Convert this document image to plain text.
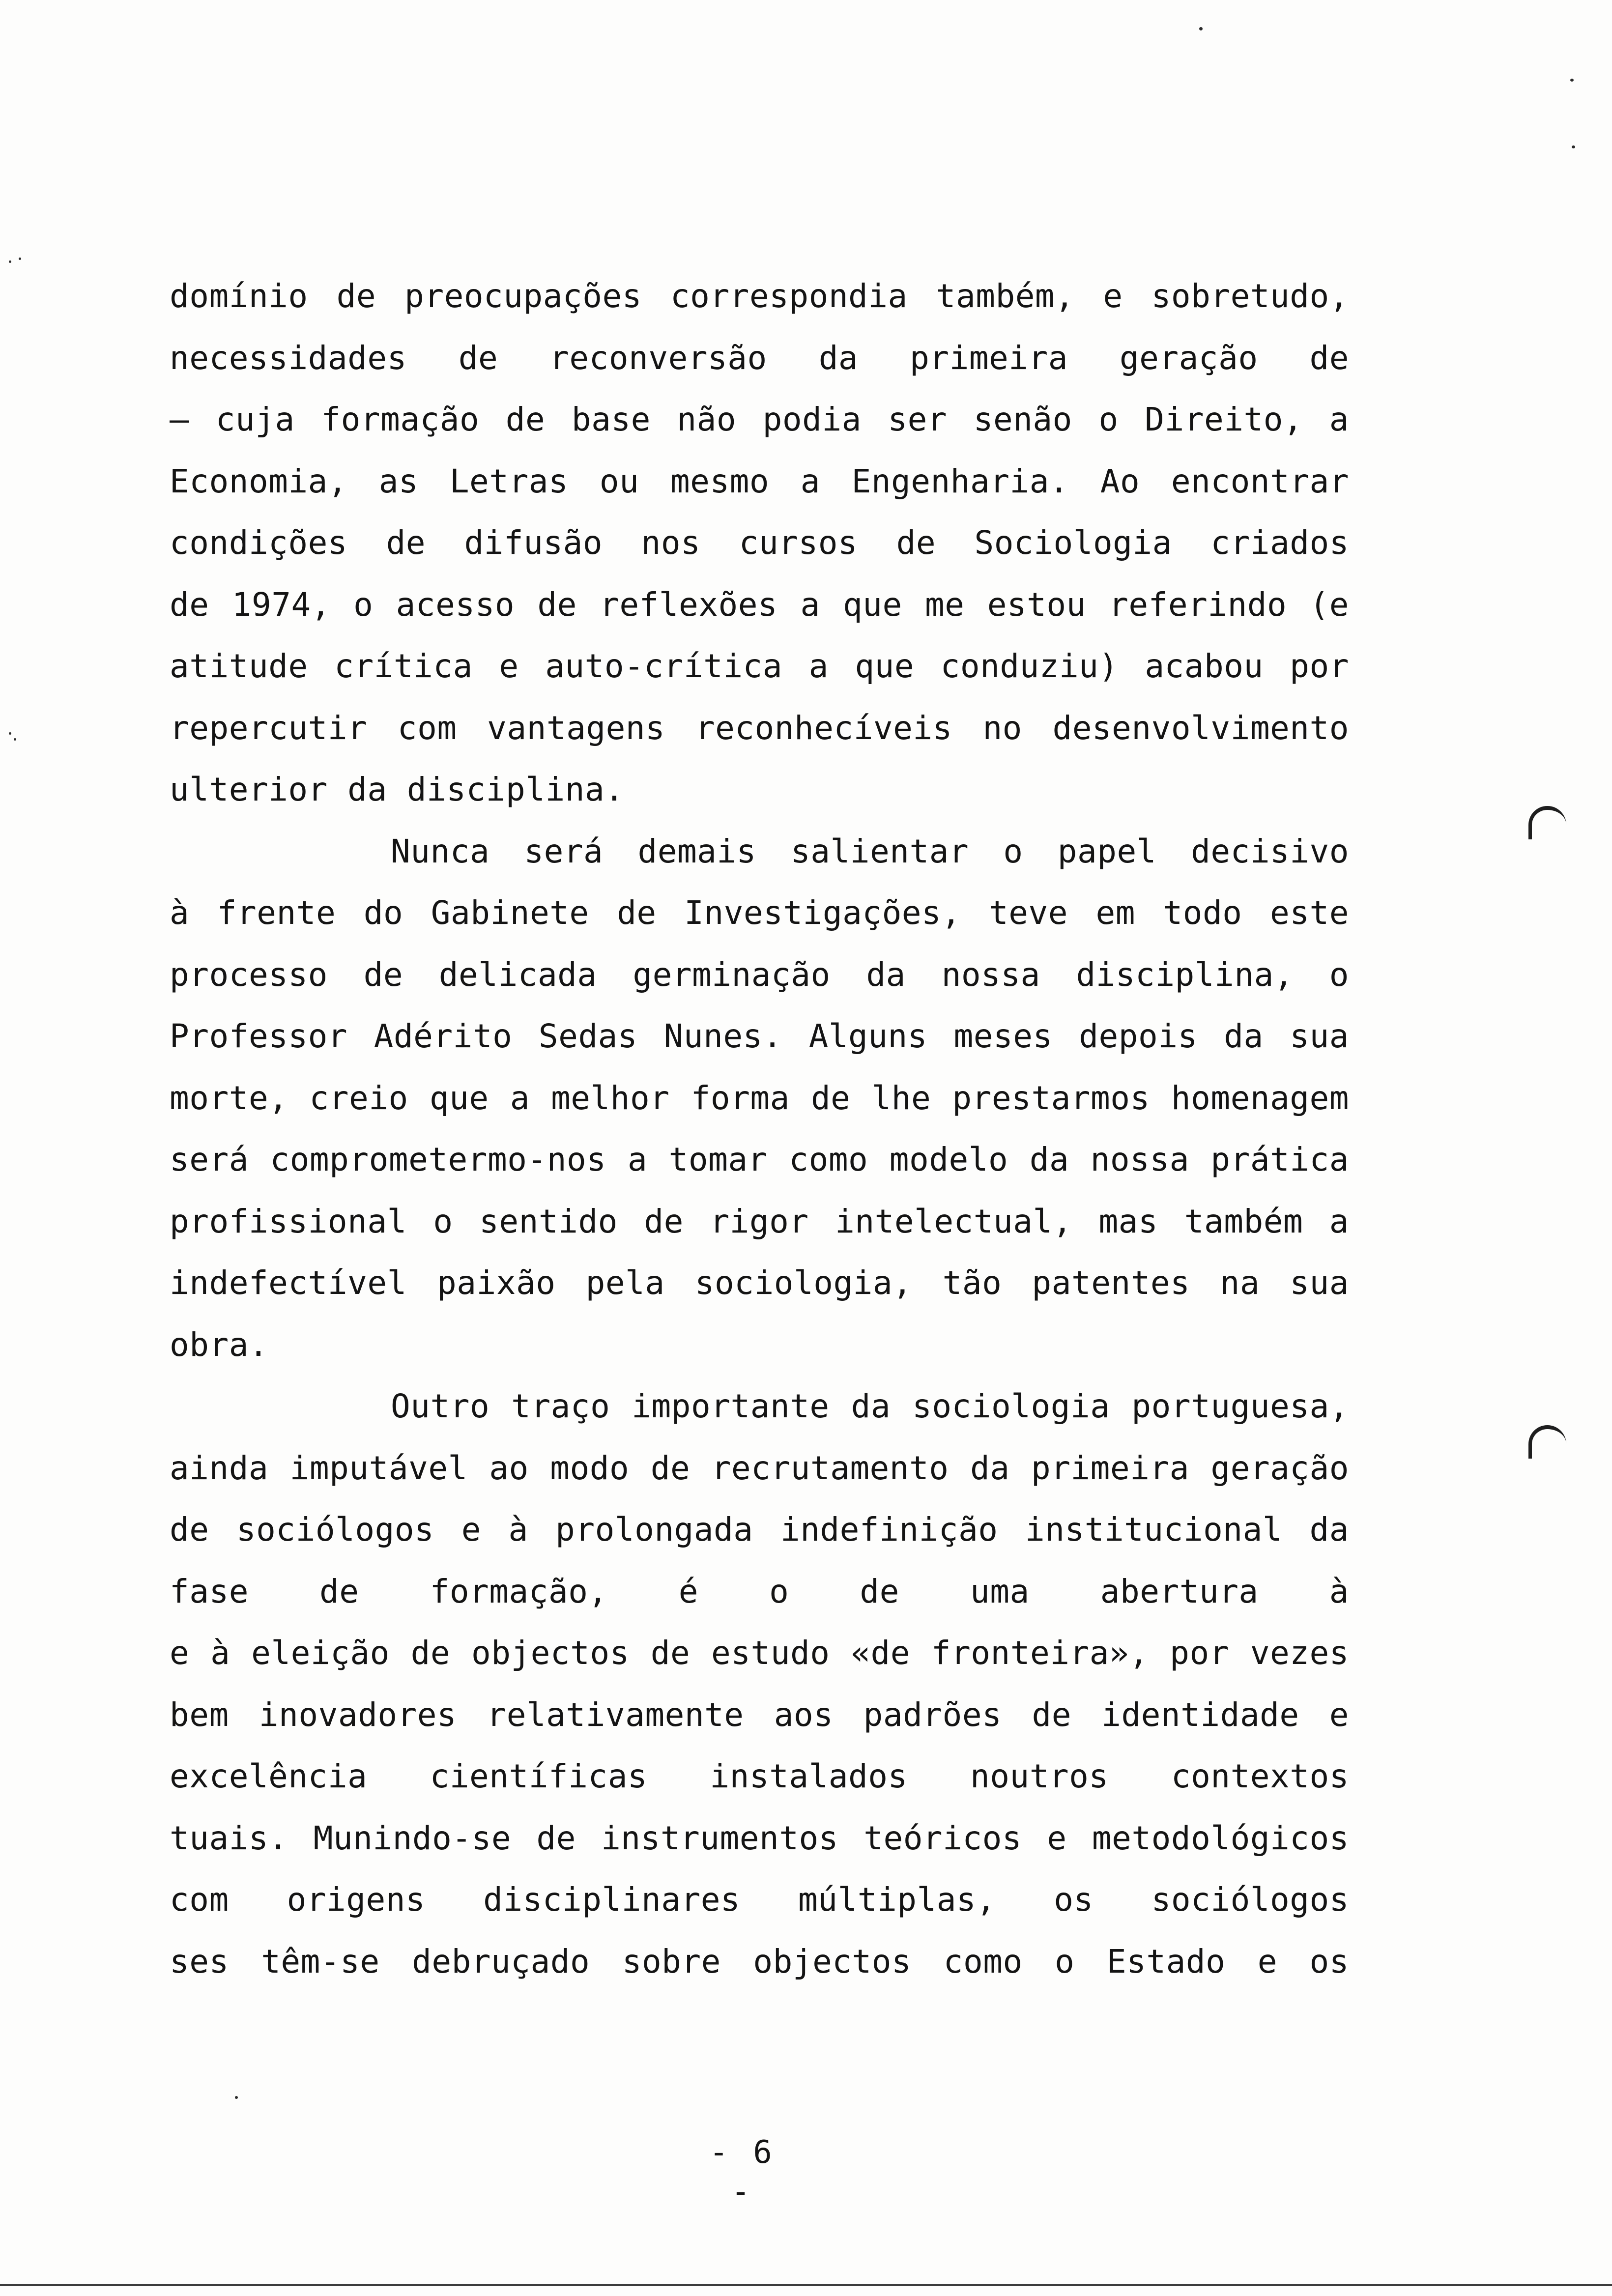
domínio de preocupações correspondia também, e sobretudo,
necessidades de reconversão da primeira geração de
— cuja formação de base não podia ser senão o Direito, a
Economia, as Letras ou mesmo a Engenharia. Ao encontrar
condições de difusão nos cursos de Sociologia criados
de 1974, o acesso de reflexões a que me estou referindo (e
atitude crítica e auto-crítica a que conduziu) acabou por
repercutir com vantagens reconhecíveis no desenvolvimento
ulterior da disciplina.
Nunca será demais salientar o papel decisivo
à frente do Gabinete de Investigações, teve em todo este
processo de delicada germinação da nossa disciplina, o
Professor Adérito Sedas Nunes. Alguns meses depois da sua
morte, creio que a melhor forma de lhe prestarmos homenagem
será comprometermo-nos a tomar como modelo da nossa prática
profissional o sentido de rigor intelectual, mas também a
indefectível paixão pela sociologia, tão patentes na sua
obra.
Outro traço importante da sociologia portuguesa,
ainda imputável ao modo de recrutamento da primeira geração
de sociólogos e à prolongada indefinição institucional da
fase de formação, é o de uma abertura à
e à eleição de objectos de estudo «de fronteira», por vezes
bem inovadores relativamente aos padrões de identidade e
excelência científicas instalados noutros contextos
tuais. Munindo-se de instrumentos teóricos e metodológicos
com origens disciplinares múltiplas, os sociólogos
ses têm-se debruçado sobre objectos como o Estado e os
- 6 -
